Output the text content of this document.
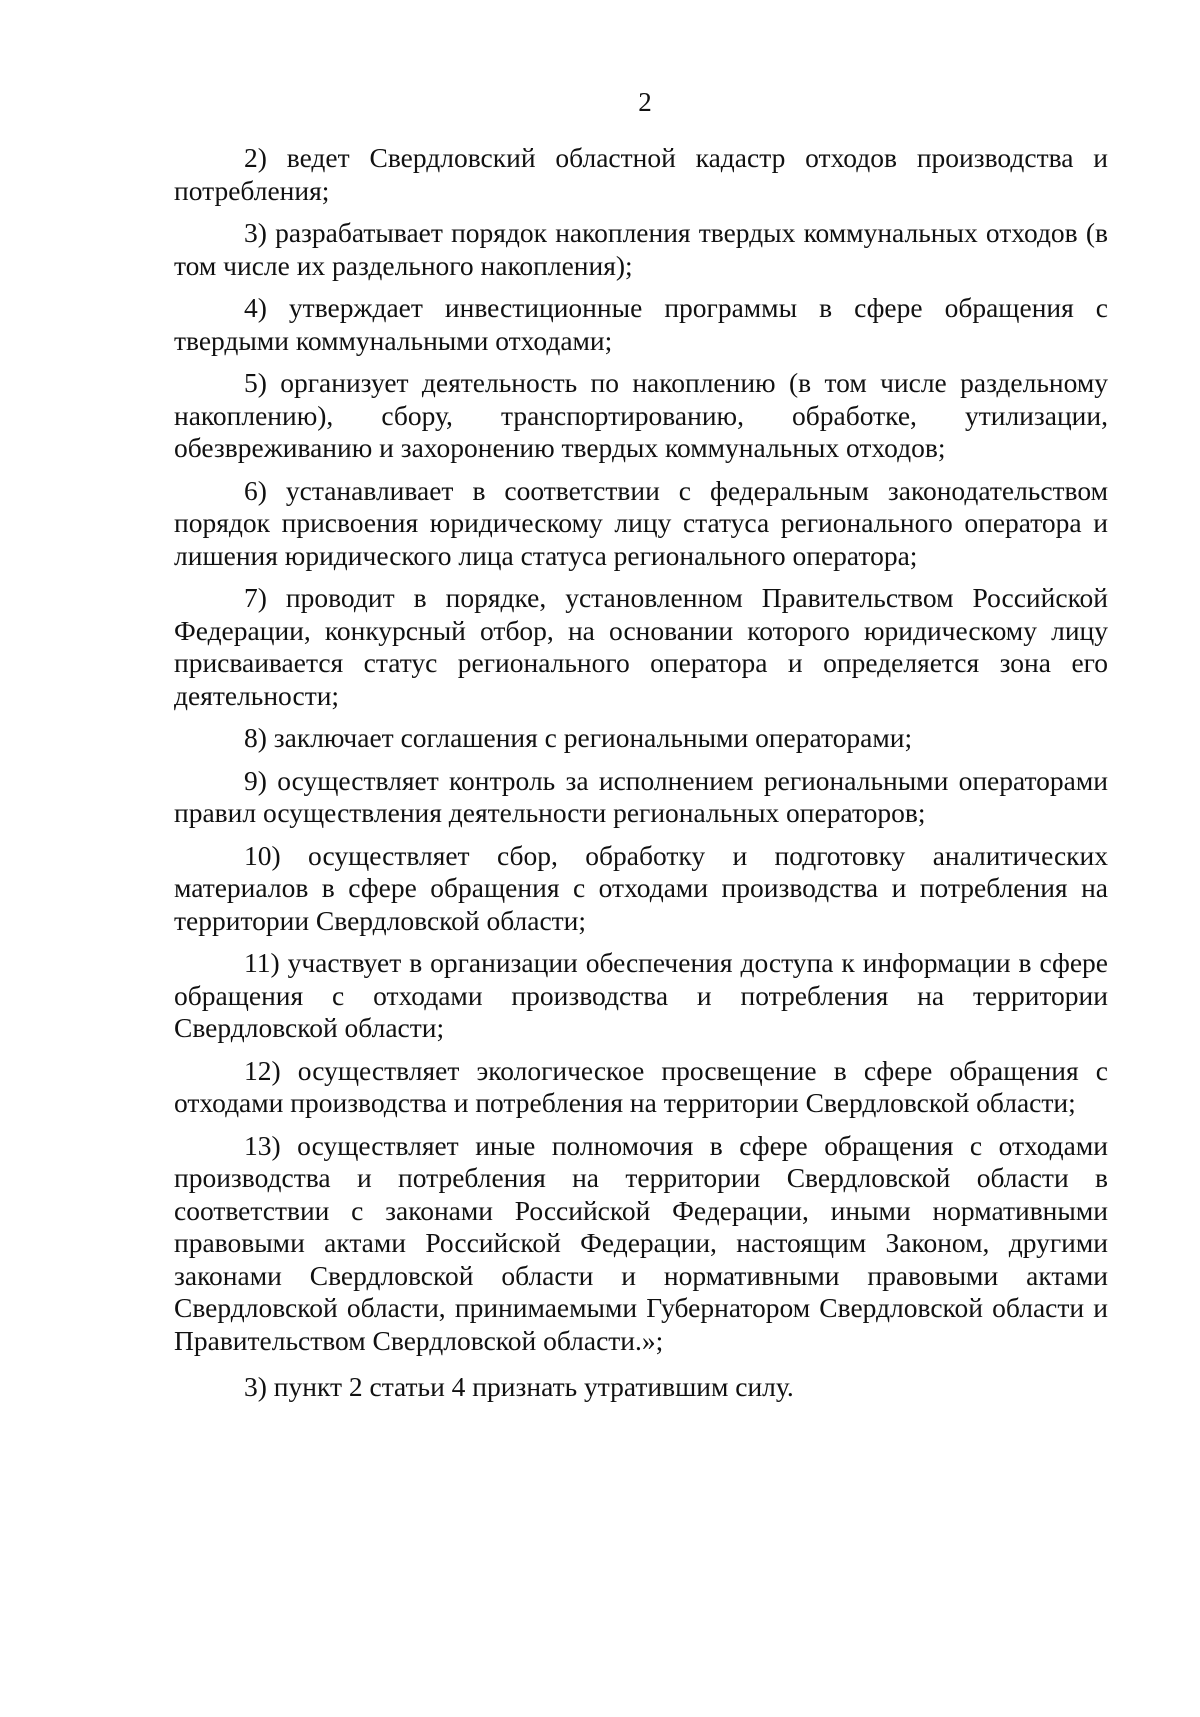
2

2) ведет Свердловский областной кадастр отходов производства и потребления;

3) разрабатывает порядок накопления твердых коммунальных отходов (в том числе их раздельного накопления);

4) утверждает инвестиционные программы в сфере обращения с твердыми коммунальными отходами;

5) организует деятельность по накоплению (в том числе раздельному накоплению), сбору, транспортированию, обработке, утилизации, обезвреживанию и захоронению твердых коммунальных отходов;

6) устанавливает в соответствии с федеральным законодательством порядок присвоения юридическому лицу статуса регионального оператора и лишения юридического лица статуса регионального оператора;

7) проводит в порядке, установленном Правительством Российской Федерации, конкурсный отбор, на основании которого юридическому лицу присваивается статус регионального оператора и определяется зона его деятельности;

8) заключает соглашения с региональными операторами;

9) осуществляет контроль за исполнением региональными операторами правил осуществления деятельности региональных операторов;

10) осуществляет сбор, обработку и подготовку аналитических материалов в сфере обращения с отходами производства и потребления на территории Свердловской области;

11) участвует в организации обеспечения доступа к информации в сфере обращения с отходами производства и потребления на территории Свердловской области;

12) осуществляет экологическое просвещение в сфере обращения с отходами производства и потребления на территории Свердловской области;

13) осуществляет иные полномочия в сфере обращения с отходами производства и потребления на территории Свердловской области в соответствии с законами Российской Федерации, иными нормативными правовыми актами Российской Федерации, настоящим Законом, другими законами Свердловской области и нормативными правовыми актами Свердловской области, принимаемыми Губернатором Свердловской области и Правительством Свердловской области.»;

3) пункт 2 статьи 4 признать утратившим силу.
